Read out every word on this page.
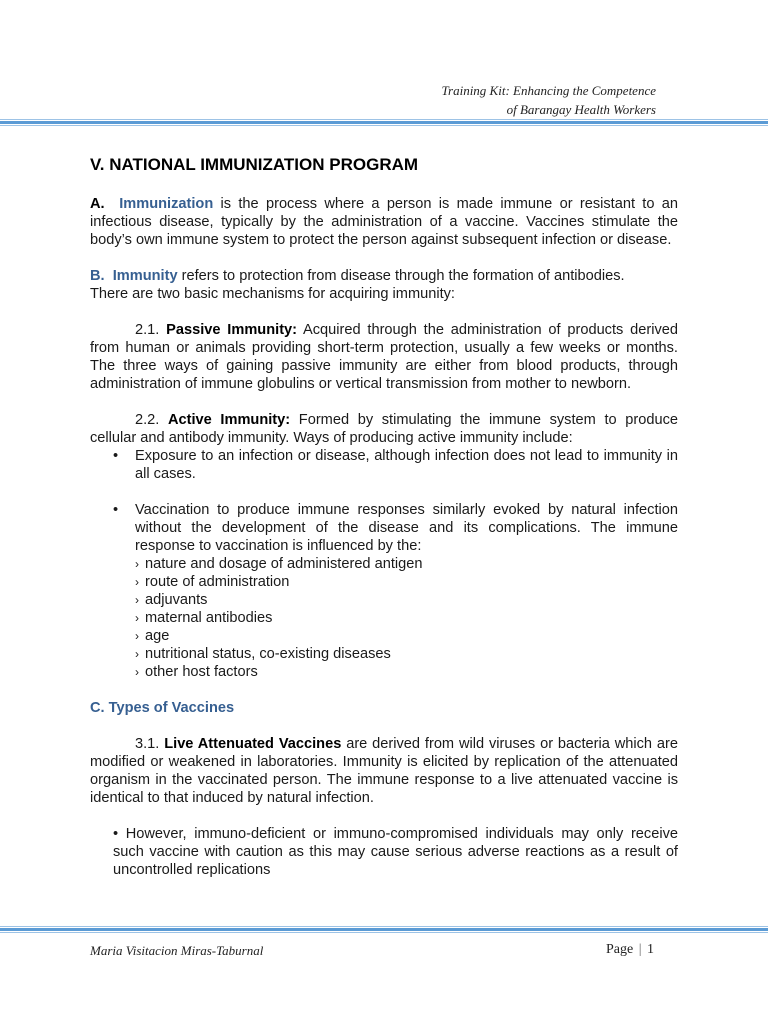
Training Kit: Enhancing the Competence
of Barangay Health Workers
V. NATIONAL IMMUNIZATION PROGRAM

A. Immunization is the process where a person is made immune or resistant to an infectious disease, typically by the administration of a vaccine. Vaccines stimulate the body’s own immune system to protect the person against subsequent infection or disease.

B. Immunity refers to protection from disease through the formation of antibodies.
There are two basic mechanisms for acquiring immunity:

2.1. Passive Immunity: Acquired through the administration of products derived from human or animals providing short-term protection, usually a few weeks or months. The three ways of gaining passive immunity are either from blood products, through administration of immune globulins or vertical transmission from mother to newborn.

2.2. Active Immunity: Formed by stimulating the immune system to produce cellular and antibody immunity. Ways of producing active immunity include:

• Exposure to an infection or disease, although infection does not lead to immunity in all cases.
• Vaccination to produce immune responses similarly evoked by natural infection without the development of the disease and its complications. The immune response to vaccination is influenced by the:
› nature and dosage of administered antigen
› route of administration
› adjuvants
› maternal antibodies
› age
› nutritional status, co-existing diseases
› other host factors
C. Types of Vaccines

3.1. Live Attenuated Vaccines are derived from wild viruses or bacteria which are modified or weakened in laboratories. Immunity is elicited by replication of the attenuated organism in the vaccinated person. The immune response to a live attenuated vaccine is identical to that induced by natural infection.

• However, immuno-deficient or immuno-compromised individuals may only receive such vaccine with caution as this may cause serious adverse reactions as a result of uncontrolled replications

Maria Visitacion Miras-Taburnal	Page | 1
